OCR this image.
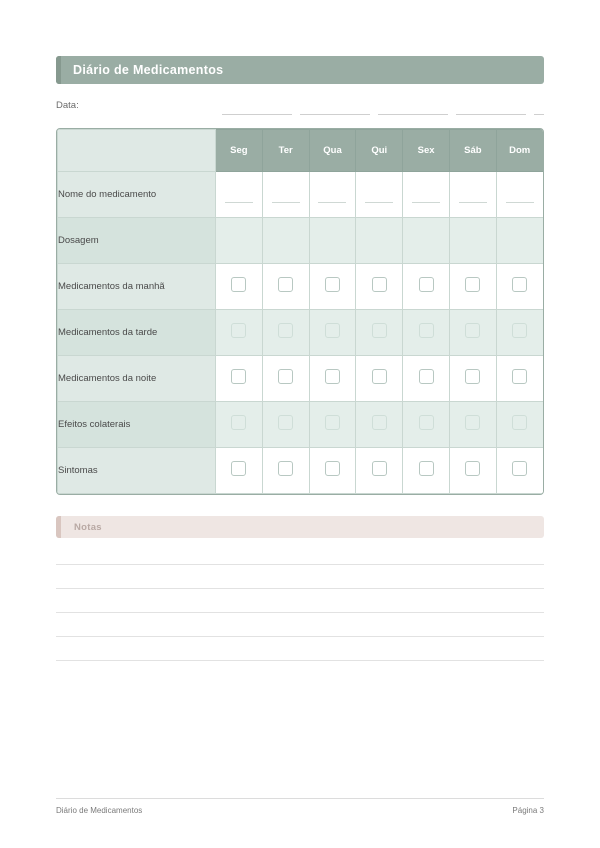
Diário de Medicamentos
Data:
	Seg	Ter	Qua	Qui	Sex	Sáb	Dom
Nome do medicamento							
Dosagem							
Medicamentos da manhã							
Medicamentos da tarde							
Medicamentos da noite							
Efeitos colaterais							
Sintomas							
Notas
Diário de Medicamentos	Página 3
